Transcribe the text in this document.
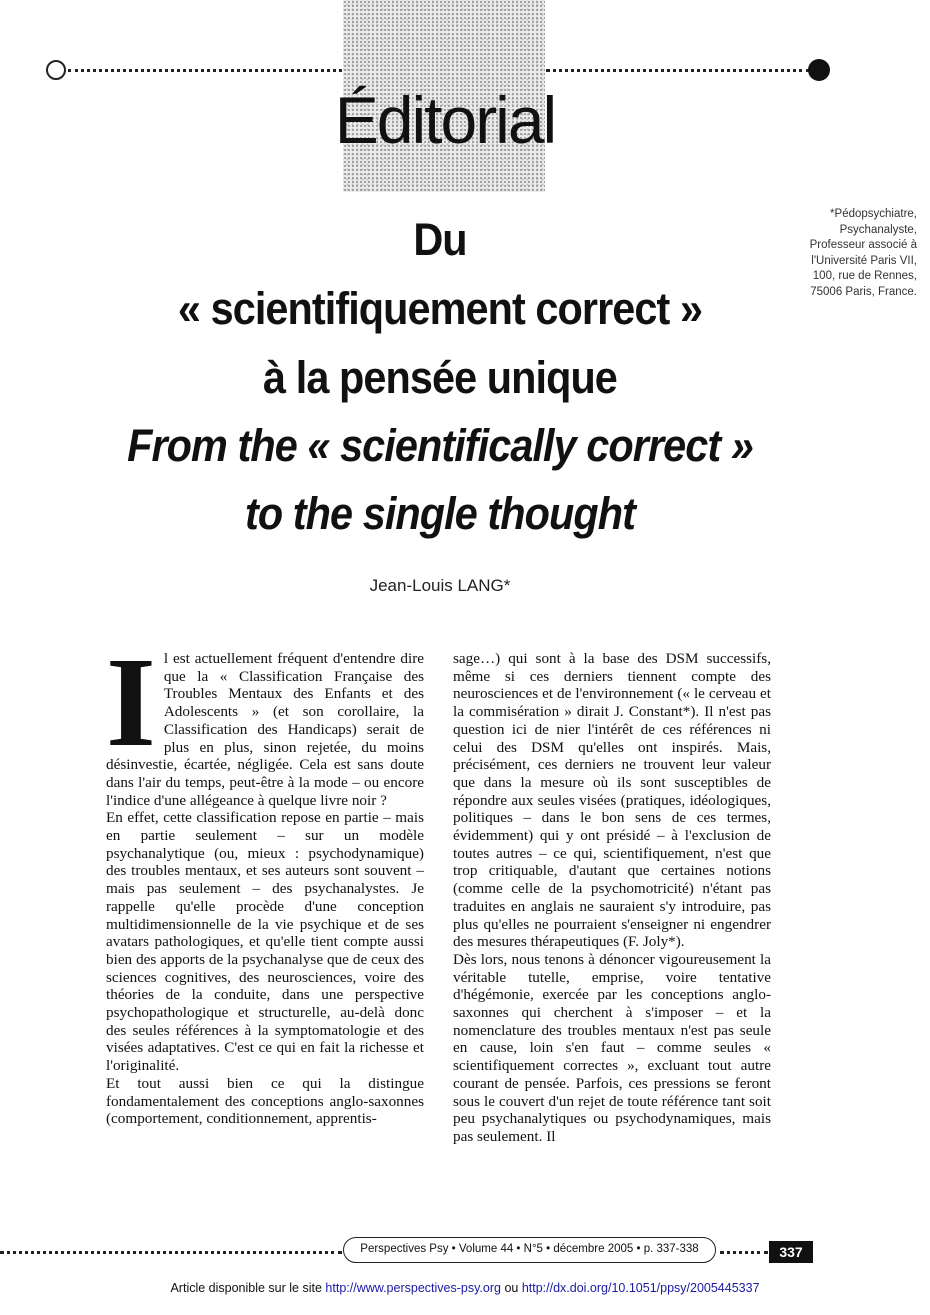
Éditorial
*Pédopsychiatre,
Psychanalyste,
Professeur associé à
l'Université Paris VII,
100, rue de Rennes,
75006 Paris, France.
Du
« scientifiquement correct »
à la pensée unique
From the « scientifically correct »
to the single thought
Jean-Louis LANG*

Il est actuellement fréquent d'entendre dire que la « Classification Française des Troubles Mentaux des Enfants et des Adolescents » (et son corollaire, la Classification des Handicaps) serait de plus en plus, sinon rejetée, du moins désinvestie, écartée, négligée. Cela est sans doute dans l'air du temps, peut-être à la mode – ou encore l'indice d'une allégeance à quelque livre noir ?

En effet, cette classification repose en partie – mais en partie seulement – sur un modèle psychanalytique (ou, mieux : psychodynamique) des troubles mentaux, et ses auteurs sont souvent – mais pas seulement – des psychanalystes. Je rappelle qu'elle procède d'une conception multidimensionnelle de la vie psychique et de ses avatars pathologiques, et qu'elle tient compte aussi bien des apports de la psychanalyse que de ceux des sciences cognitives, des neurosciences, voire des théories de la conduite, dans une perspective psychopathologique et structurelle, au-delà donc des seules références à la symptomatologie et des visées adaptatives. C'est ce qui en fait la richesse et l'originalité.

Et tout aussi bien ce qui la distingue fondamentalement des conceptions anglo-saxonnes (comportement, conditionnement, apprentis-

sage…) qui sont à la base des DSM successifs, même si ces derniers tiennent compte des neurosciences et de l'environnement (« le cerveau et la commisération » dirait J. Constant*). Il n'est pas question ici de nier l'intérêt de ces références ni celui des DSM qu'elles ont inspirés. Mais, précisément, ces derniers ne trouvent leur valeur que dans la mesure où ils sont susceptibles de répondre aux seules visées (pratiques, idéologiques, politiques – dans le bon sens de ces termes, évidemment) qui y ont présidé – à l'exclusion de toutes autres – ce qui, scientifiquement, n'est que trop critiquable, d'autant que certaines notions (comme celle de la psychomotricité) n'étant pas traduites en anglais ne sauraient s'y introduire, pas plus qu'elles ne pourraient s'enseigner ni engendrer des mesures thérapeutiques (F. Joly*).

Dès lors, nous tenons à dénoncer vigoureusement la véritable tutelle, emprise, voire tentative d'hégémonie, exercée par les conceptions anglo-saxonnes qui cherchent à s'imposer – et la nomenclature des troubles mentaux n'est pas seule en cause, loin s'en faut – comme seules « scientifiquement correctes », excluant tout autre courant de pensée. Parfois, ces pressions se feront sous le couvert d'un rejet de toute référence tant soit peu psychanalytiques ou psychodynamiques, mais pas seulement. Il

Perspectives Psy • Volume 44 • N°5 • décembre 2005 • p. 337-338	337
Article disponible sur le site http://www.perspectives-psy.org ou http://dx.doi.org/10.1051/ppsy/2005445337
